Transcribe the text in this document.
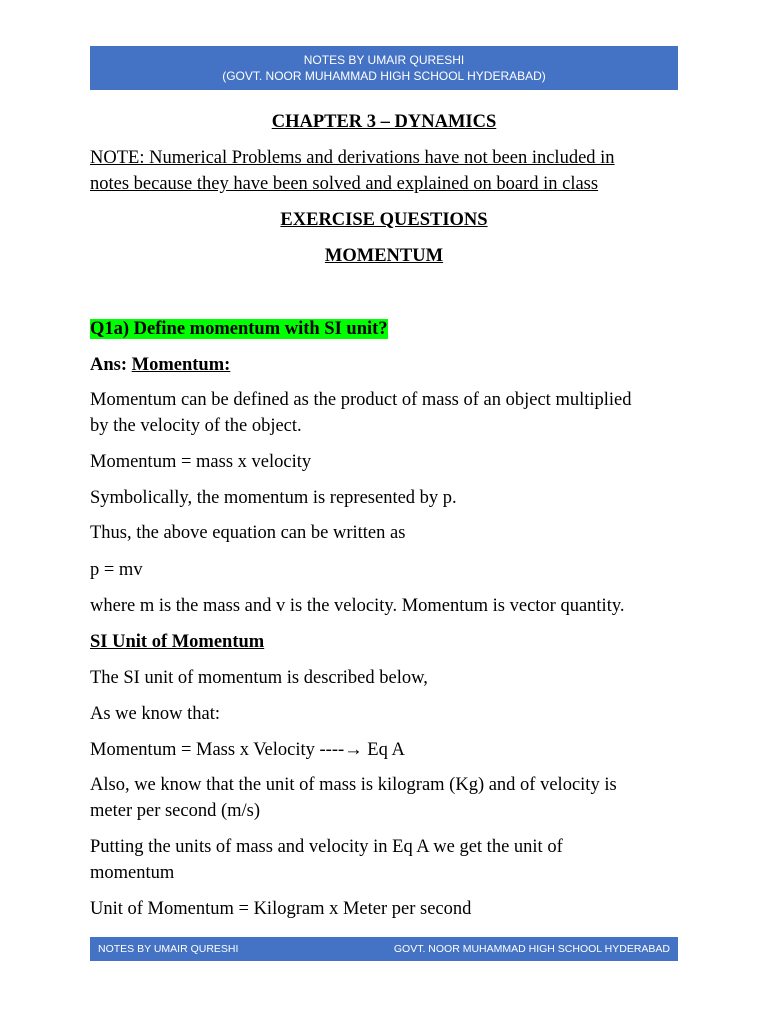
NOTES BY UMAIR QURESHI
(GOVT. NOOR MUHAMMAD HIGH SCHOOL HYDERABAD)
CHAPTER 3 – DYNAMICS
NOTE: Numerical Problems and derivations have not been included in
notes because they have been solved and explained on board in class
EXERCISE QUESTIONS
MOMENTUM
Q1a) Define momentum with SI unit?
Ans: Momentum:
Momentum can be defined as the product of mass of an object multiplied
by the velocity of the object.
Momentum = mass x velocity
Symbolically, the momentum is represented by p.
Thus, the above equation can be written as
p = mv
where m is the mass and v is the velocity. Momentum is vector quantity.
SI Unit of Momentum
The SI unit of momentum is described below,
As we know that:
Momentum = Mass x Velocity ----→ Eq A
Also, we know that the unit of mass is kilogram (Kg) and of velocity is
meter per second (m/s)
Putting the units of mass and velocity in Eq A we get the unit of
momentum
Unit of Momentum = Kilogram x Meter per second
NOTES BY UMAIR QURESHI	GOVT. NOOR MUHAMMAD HIGH SCHOOL HYDERABAD
